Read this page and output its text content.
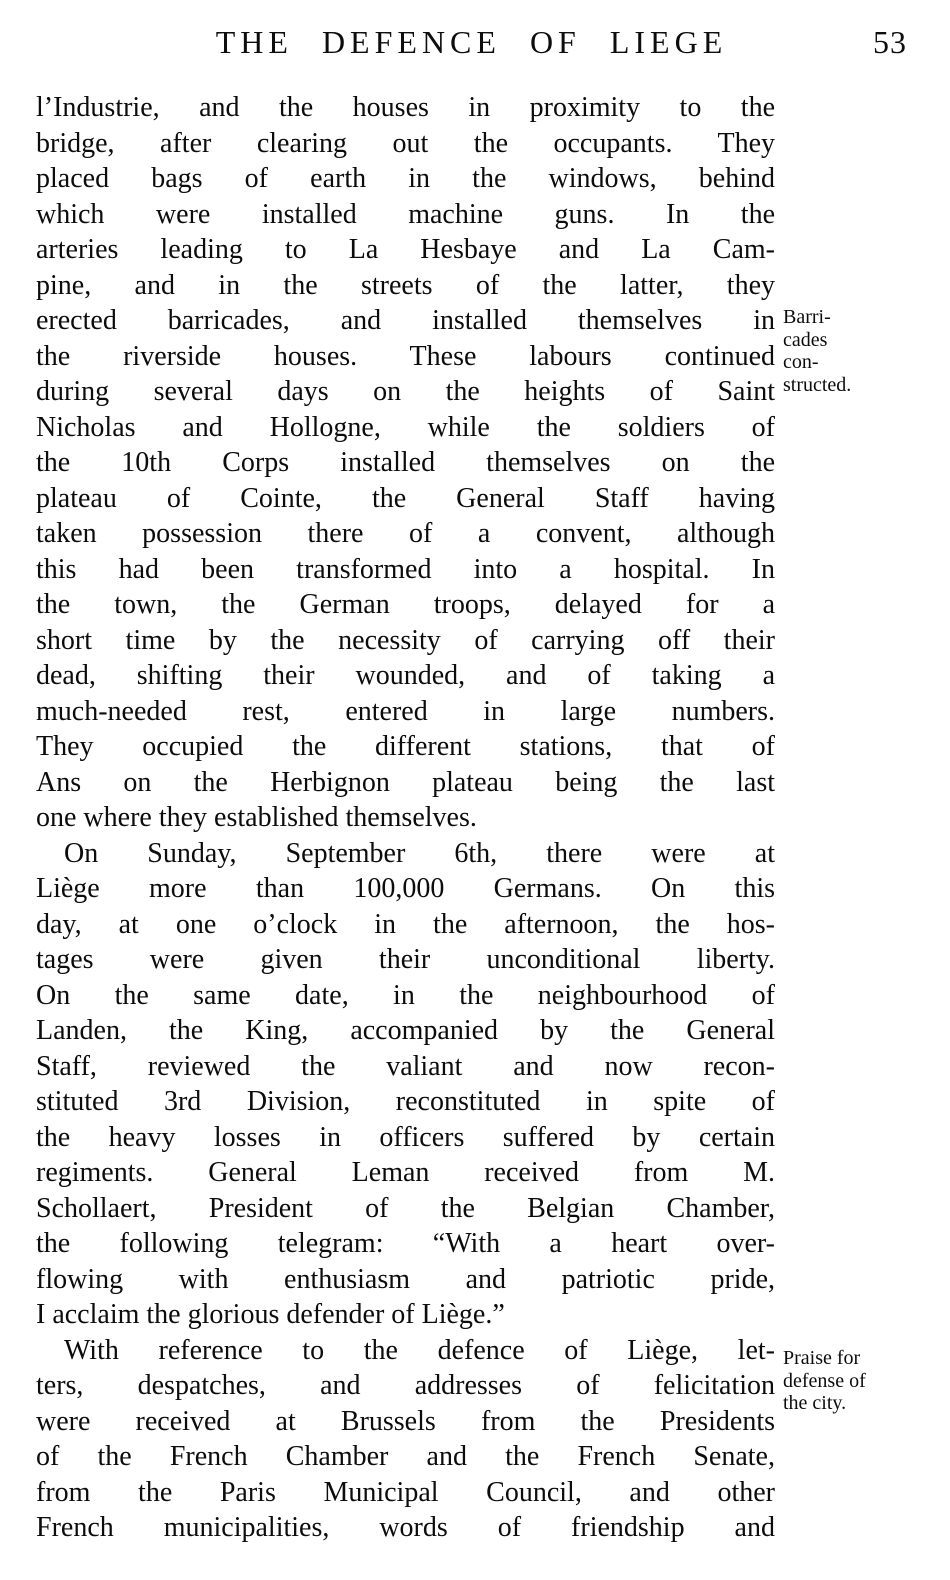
THE DEFENCE OF LIEGE	53
l’Industrie, and the houses in proximity to the
bridge, after clearing out the occupants. They
placed bags of earth in the windows, behind
which were installed machine guns. In the
arteries leading to La Hesbaye and La Cam-
pine, and in the streets of the latter, they
erected barricades, and installed themselves in
the riverside houses. These labours continued
during several days on the heights of Saint
Nicholas and Hollogne, while the soldiers of
the 10th Corps installed themselves on the
plateau of Cointe, the General Staff having
taken possession there of a convent, although
this had been transformed into a hospital. In
the town, the German troops, delayed for a
short time by the necessity of carrying off their
dead, shifting their wounded, and of taking a
much-needed rest, entered in large numbers.
They occupied the different stations, that of
Ans on the Herbignon plateau being the last
one where they established themselves.
On Sunday, September 6th, there were at
Liège more than 100,000 Germans. On this
day, at one o’clock in the afternoon, the hos-
tages were given their unconditional liberty.
On the same date, in the neighbourhood of
Landen, the King, accompanied by the General
Staff, reviewed the valiant and now recon-
stituted 3rd Division, reconstituted in spite of
the heavy losses in officers suffered by certain
regiments. General Leman received from M.
Schollaert, President of the Belgian Chamber,
the following telegram: “With a heart over-
flowing with enthusiasm and patriotic pride,
I acclaim the glorious defender of Liège.”
With reference to the defence of Liège, let-
ters, despatches, and addresses of felicitation
were received at Brussels from the Presidents
of the French Chamber and the French Senate,
from the Paris Municipal Council, and other
French municipalities, words of friendship and
Barri-
cades
con-
structed.
Praise for
defense of
the city.
